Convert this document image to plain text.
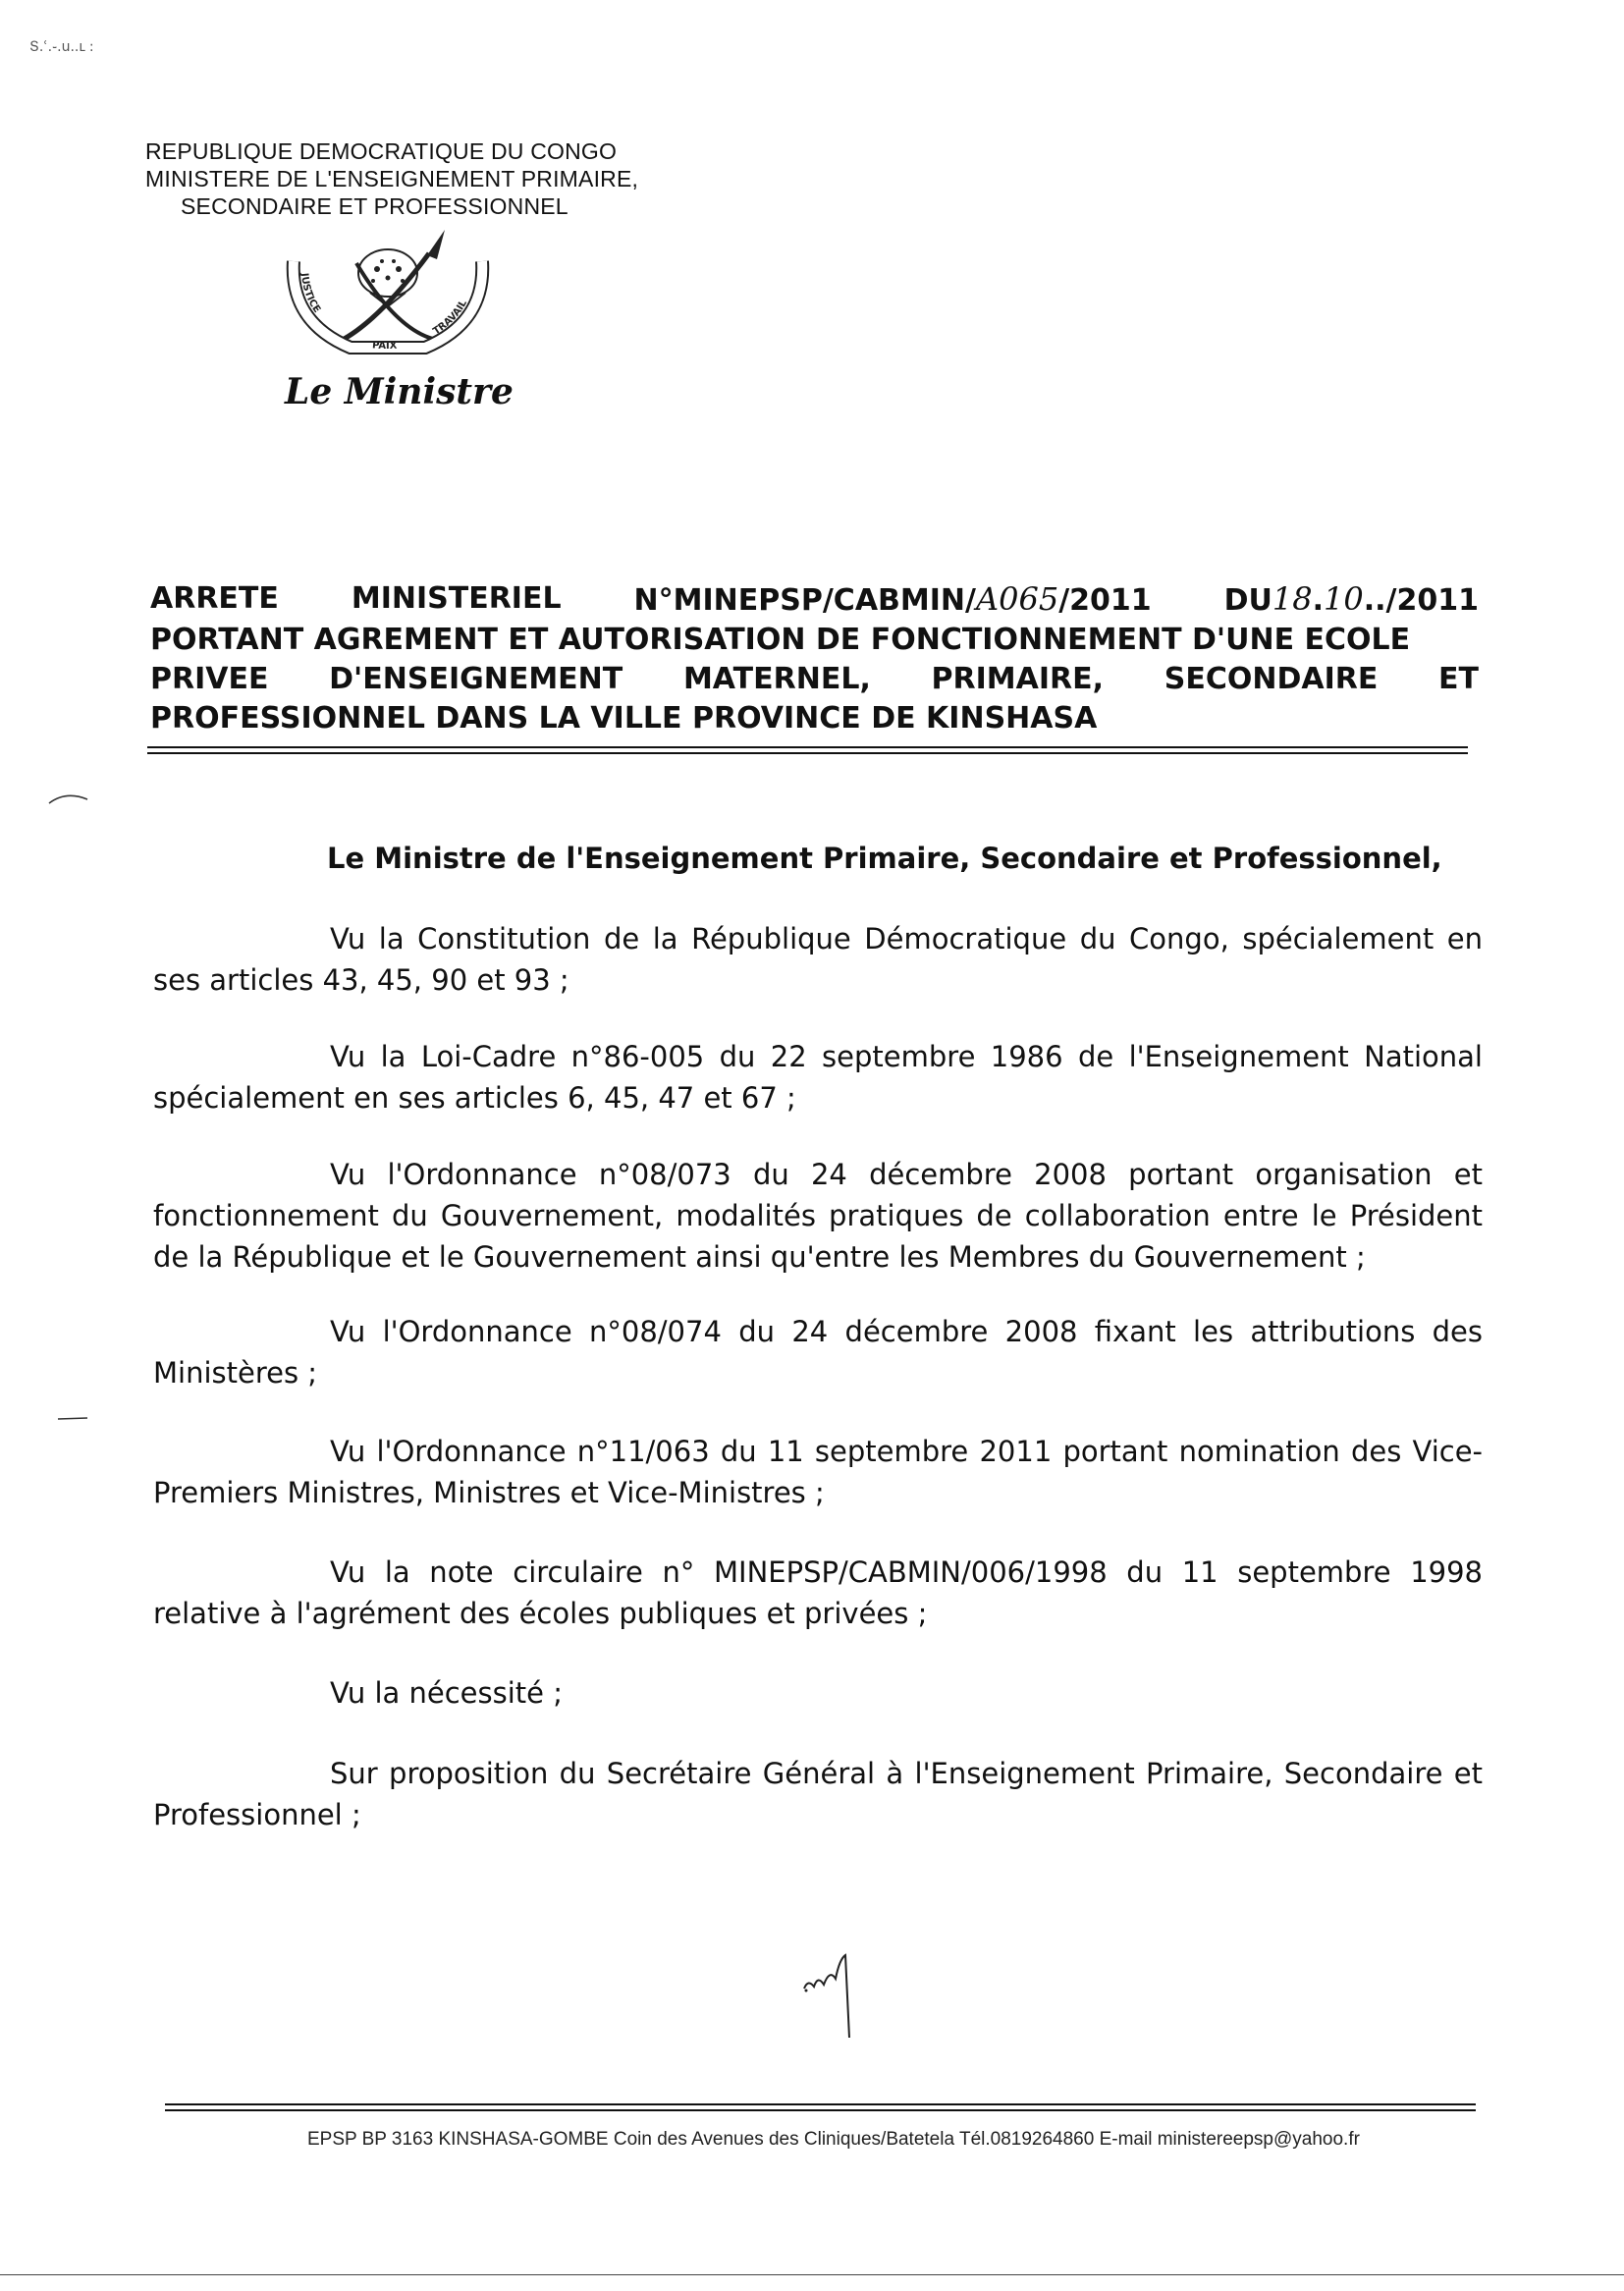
Տ.ՙ.֊.ս..ւ :
REPUBLIQUE DEMOCRATIQUE DU CONGO
MINISTERE DE L'ENSEIGNEMENT PRIMAIRE,
SECONDAIRE ET PROFESSIONNEL
JUSTICE
PAIX
TRAVAIL
Le Ministre
ARRETE MINISTERIEL N°MINEPSP/CABMIN/A065/2011 DU18.10../2011
PORTANT AGREMENT ET AUTORISATION DE FONCTIONNEMENT D'UNE ECOLE
PRIVEE D'ENSEIGNEMENT MATERNEL, PRIMAIRE, SECONDAIRE ET
PROFESSIONNEL DANS LA VILLE PROVINCE DE KINSHASA
Le Ministre de l'Enseignement Primaire, Secondaire et Professionnel,

Vu la Constitution de la République Démocratique du Congo, spécialement en ses articles 43, 45, 90 et 93 ;

Vu la Loi-Cadre n°86-005 du 22 septembre 1986 de l'Enseignement National spécialement en ses articles 6, 45, 47 et 67 ;

Vu l'Ordonnance n°08/073 du 24 décembre 2008 portant organisation et fonctionnement du Gouvernement, modalités pratiques de collaboration entre le Président de la République et le Gouvernement ainsi qu'entre les Membres du Gouvernement ;

Vu l'Ordonnance n°08/074 du 24 décembre 2008 fixant les attributions des Ministères ;

Vu l'Ordonnance n°11/063 du 11 septembre 2011 portant nomination des Vice-Premiers Ministres, Ministres et Vice-Ministres ;

Vu la note circulaire n° MINEPSP/CABMIN/006/1998 du 11 septembre 1998 relative à l'agrément des écoles publiques et privées ;

Vu la nécessité ;

Sur proposition du Secrétaire Général à l'Enseignement Primaire, Secondaire et Professionnel ;

EPSP BP 3163 KINSHASA-GOMBE Coin des Avenues des Cliniques/Batetela Tél.0819264860 E-mail ministereepsp@yahoo.fr
